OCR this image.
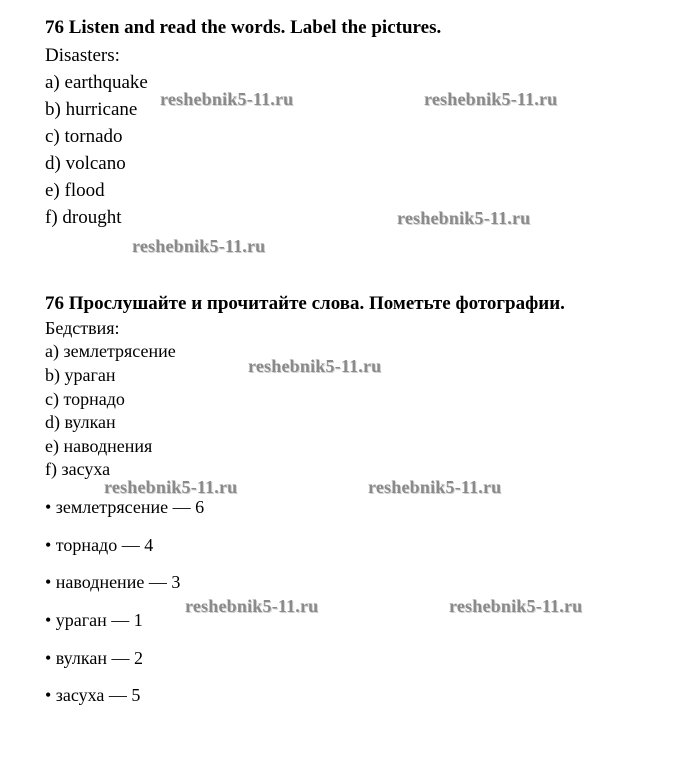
76 Listen and read the words. Label the pictures.
Disasters:
a) earthquake
b) hurricane
c) tornado
d) volcano
e) flood
f) drought
76 Прослушайте и прочитайте слова. Пометьте фотографии.
Бедствия:
a) землетрясение
b) ураган
c) торнадо
d) вулкан
e) наводнения
f) засуха
• землетрясение — 6
• торнадо — 4
• наводнение — 3
• ураган — 1
• вулкан — 2
• засуха — 5
reshebnik5-11.ru	reshebnik5-11.ru
reshebnik5-11.ru
reshebnik5-11.ru
reshebnik5-11.ru
reshebnik5-11.ru	reshebnik5-11.ru
reshebnik5-11.ru	reshebnik5-11.ru
